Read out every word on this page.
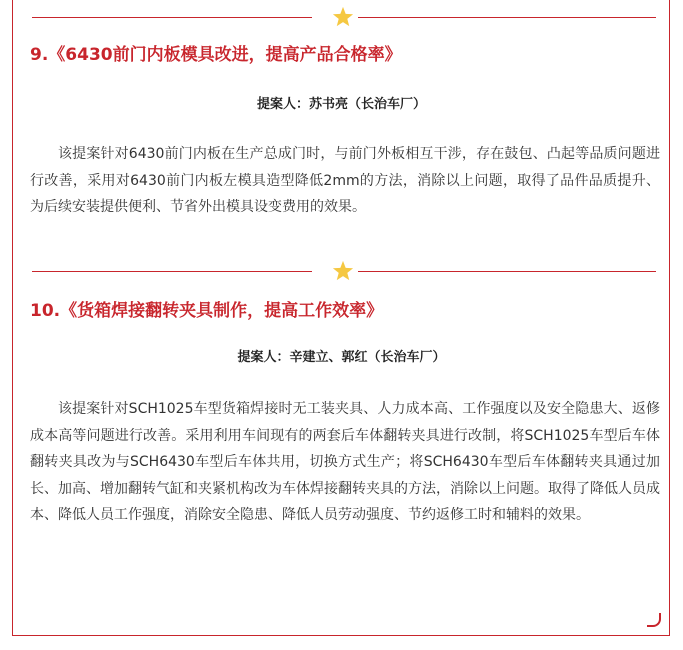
9.《6430前门内板模具改进，提高产品合格率》

提案人：苏书亮（长治车厂）

该提案针对6430前门内板在生产总成门时，与前门外板相互干涉，存在鼓包、凸起等品质问题进行改善，采用对6430前门内板左模具造型降低2mm的方法，消除以上问题，取得了品件品质提升、为后续安装提供便利、节省外出模具设变费用的效果。

10.《货箱焊接翻转夹具制作，提高工作效率》

提案人：辛建立、郭红（长治车厂）

该提案针对SCH1025车型货箱焊接时无工装夹具、人力成本高、工作强度以及安全隐患大、返修成本高等问题进行改善。采用利用车间现有的两套后车体翻转夹具进行改制，将SCH1025车型后车体翻转夹具改为与SCH6430车型后车体共用，切换方式生产；将SCH6430车型后车体翻转夹具通过加长、加高、增加翻转气缸和夹紧机构改为车体焊接翻转夹具的方法，消除以上问题。取得了降低人员成本、降低人员工作强度，消除安全隐患、降低人员劳动强度、节约返修工时和辅料的效果。
